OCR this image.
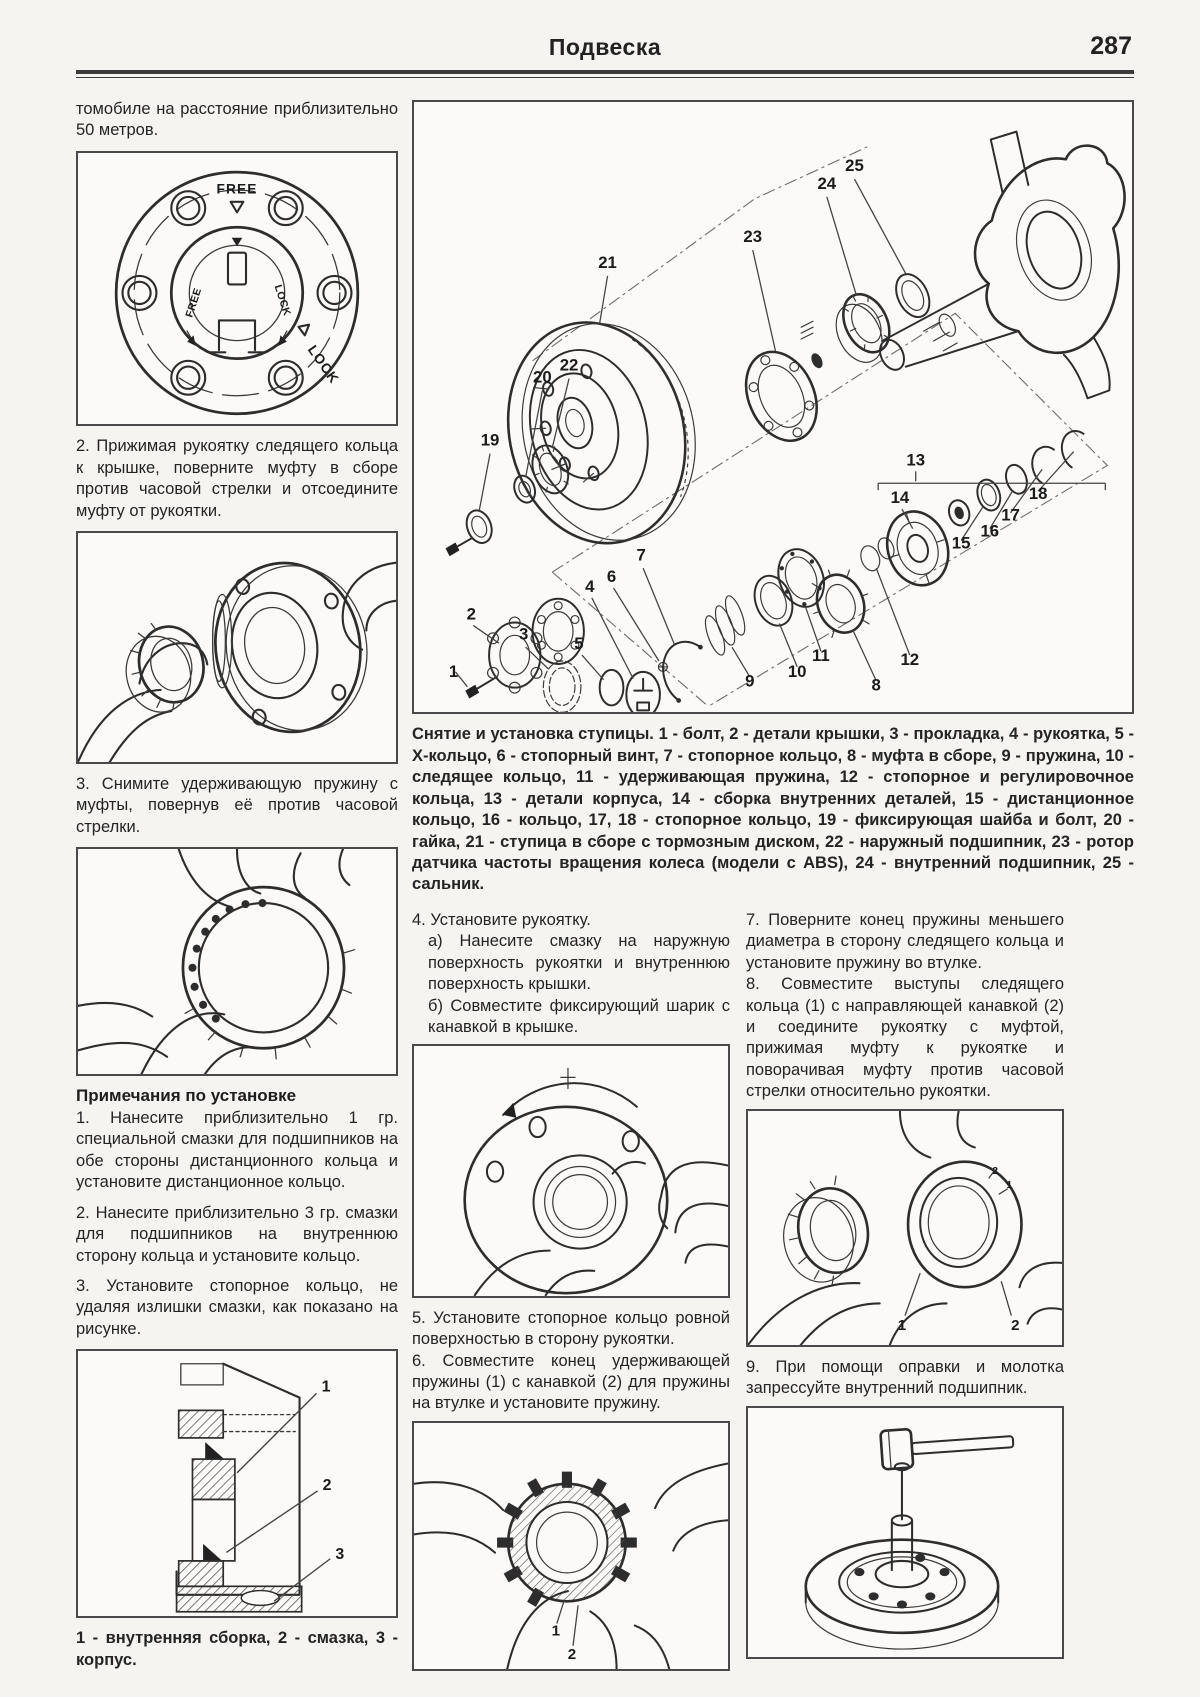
Подвеска	287

томобиле на расстояние приблизительно 50 метров.

FREE
FREE	LOCK
LOCK

2. Прижимая рукоятку следящего кольца к крышке, поверните муфту в сборе против часовой стрелки и отсоедините муфту от рукоятки.

3. Снимите удерживающую пружину с муфты, повернув её против часовой стрелки.

Примечания по установке

1. Нанесите приблизительно 1 гр. специальной смазки для подшипников на обе стороны дистанционного кольца и установите дистанционное кольцо.

2. Нанесите приблизительно 3 гр. смазки для подшипников на внутреннюю сторону кольца и установите кольцо.

3. Установите стопорное кольцо, не удаляя излишки смазки, как показано на рисунке.

1
2
3

1 - внутренняя сборка, 2 - смазка, 3 - корпус.

1
2
3
4
5
6
7
8
9
10
11	12
13
14
15
16
17
18
19
20
21
22
23
24
25

Снятие и установка ступицы. 1 - болт, 2 - детали крышки, 3 - прокладка, 4 - рукоятка, 5 - Х-кольцо, 6 - стопорный винт, 7 - стопорное кольцо, 8 - муфта в сборе, 9 - пружина, 10 - следящее кольцо, 11 - удерживающая пружина, 12 - стопорное и регулировочное кольца, 13 - детали корпуса, 14 - сборка внутренних деталей, 15 - дистанционное кольцо, 16 - кольцо, 17, 18 - стопорное кольцо, 19 - фиксирующая шайба и болт, 20 - гайка, 21 - ступица в сборе с тормозным диском, 22 - наружный подшипник, 23 - ротор датчика частоты вращения колеса (модели с ABS), 24 - внутренний подшипник, 25 - сальник.

4. Установите рукоятку.

а) Нанесите смазку на наружную поверхность рукоятки и внутреннюю поверхность крышки.

б) Совместите фиксирующий шарик с канавкой в крышке.

5. Установите стопорное кольцо ровной поверхностью в сторону рукоятки.

6. Совместите конец удерживающей пружины (1) с канавкой (2) для пружины на втулке и установите пружину.

1
2

7. Поверните конец пружины меньшего диаметра в сторону следящего кольца и установите пружину во втулке.

8. Совместите выступы следящего кольца (1) с направляющей канавкой (2) и соедините рукоятку с муфтой, прижимая муфту к рукоятке и поворачивая муфту против часовой стрелки относительно рукоятки.

2
1
1	2

9. При помощи оправки и молотка запрессуйте внутренний подшипник.
